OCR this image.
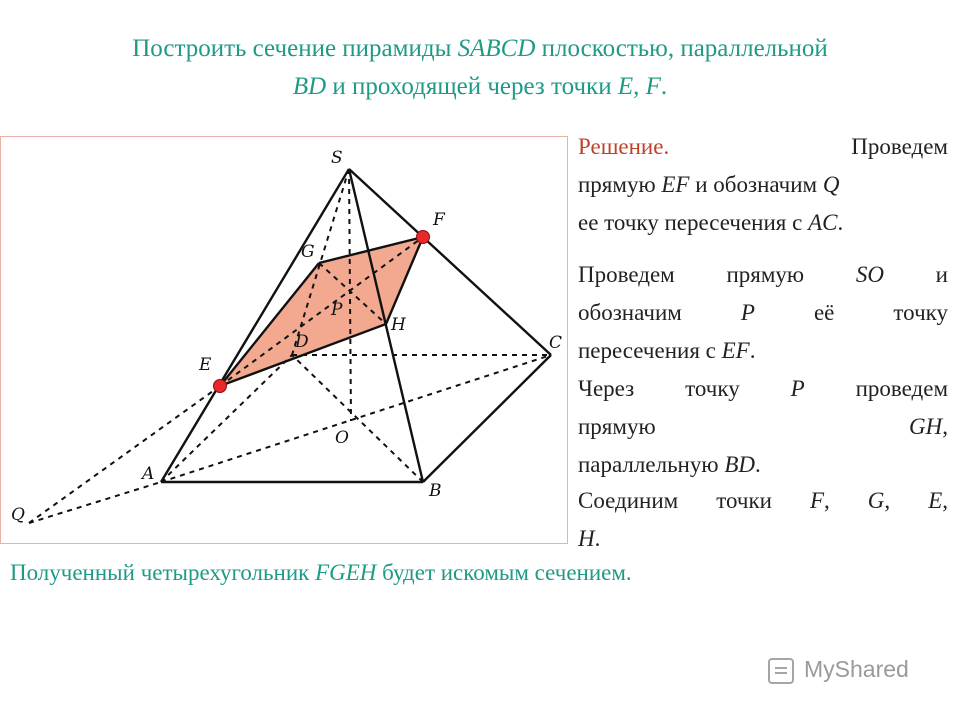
Построить сечение пирамиды SABCD плоскостью, параллельной
BD и проходящей через точки E, F.
S
F
G
P
H
D	C
E
O
A
B
Q
Решение.	Проведем
прямую EF и обозначим Q
ее точку пересечения с AC.
Проведем прямую SO и
обозначим P её точку
пересечения с EF.
Через точку P проведем
прямую	GH,
параллельную BD.
Соединим точки F, G, E,
H.
Полученный четырехугольник FGEH будет искомым сечением.
MyShared
